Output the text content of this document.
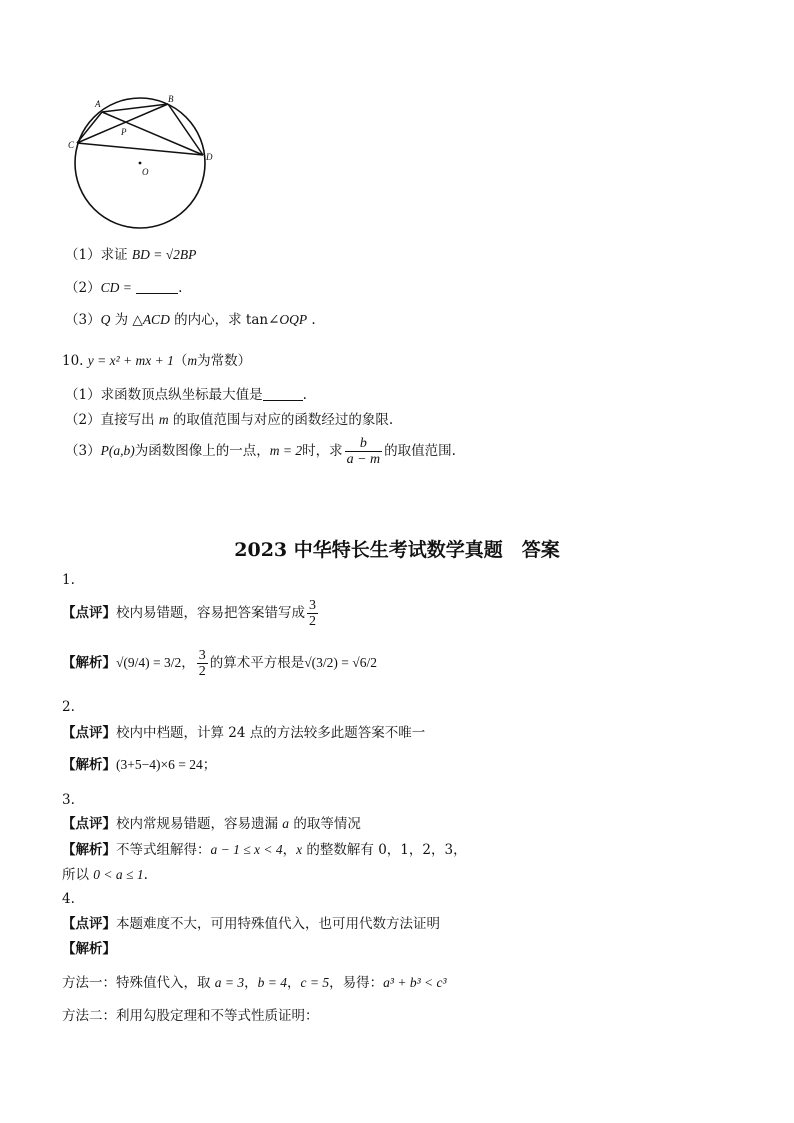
A	B
C
D
P
O
（1）求证 BD = √2BP
（2）CD =	.
（3）Q 为 △ACD 的内心，求 tan∠OQP .
10. y = x² + mx + 1（m为常数）
（1）求函数顶点纵坐标最大值是	.
（2）直接写出 m 的取值范围与对应的函数经过的象限.
（3）P(a,b)为函数图像上的一点，m = 2时，求 $\frac{b}{a - m}$ 的取值范围.
2023 中华特长生考试数学真题　答案
1.
【点评】校内易错题，容易把答案错写成 $\frac{3}{2}$
【解析】√(9/4) = 3/2， $\frac{3}{2}$ 的算术平方根是√(3/2) = √6/2
2.
【点评】校内中档题，计算 24 点的方法较多此题答案不唯一
【解析】(3+5−4)×6 = 24；
3.
【点评】校内常规易错题，容易遗漏 a 的取等情况
【解析】不等式组解得：a − 1 ≤ x < 4，x 的整数解有 0，1，2，3，
所以 0 < a ≤ 1.
4.
【点评】本题难度不大，可用特殊值代入，也可用代数方法证明
【解析】
方法一：特殊值代入，取 a = 3，b = 4，c = 5，易得：a³ + b³ < c³
方法二：利用勾股定理和不等式性质证明：
